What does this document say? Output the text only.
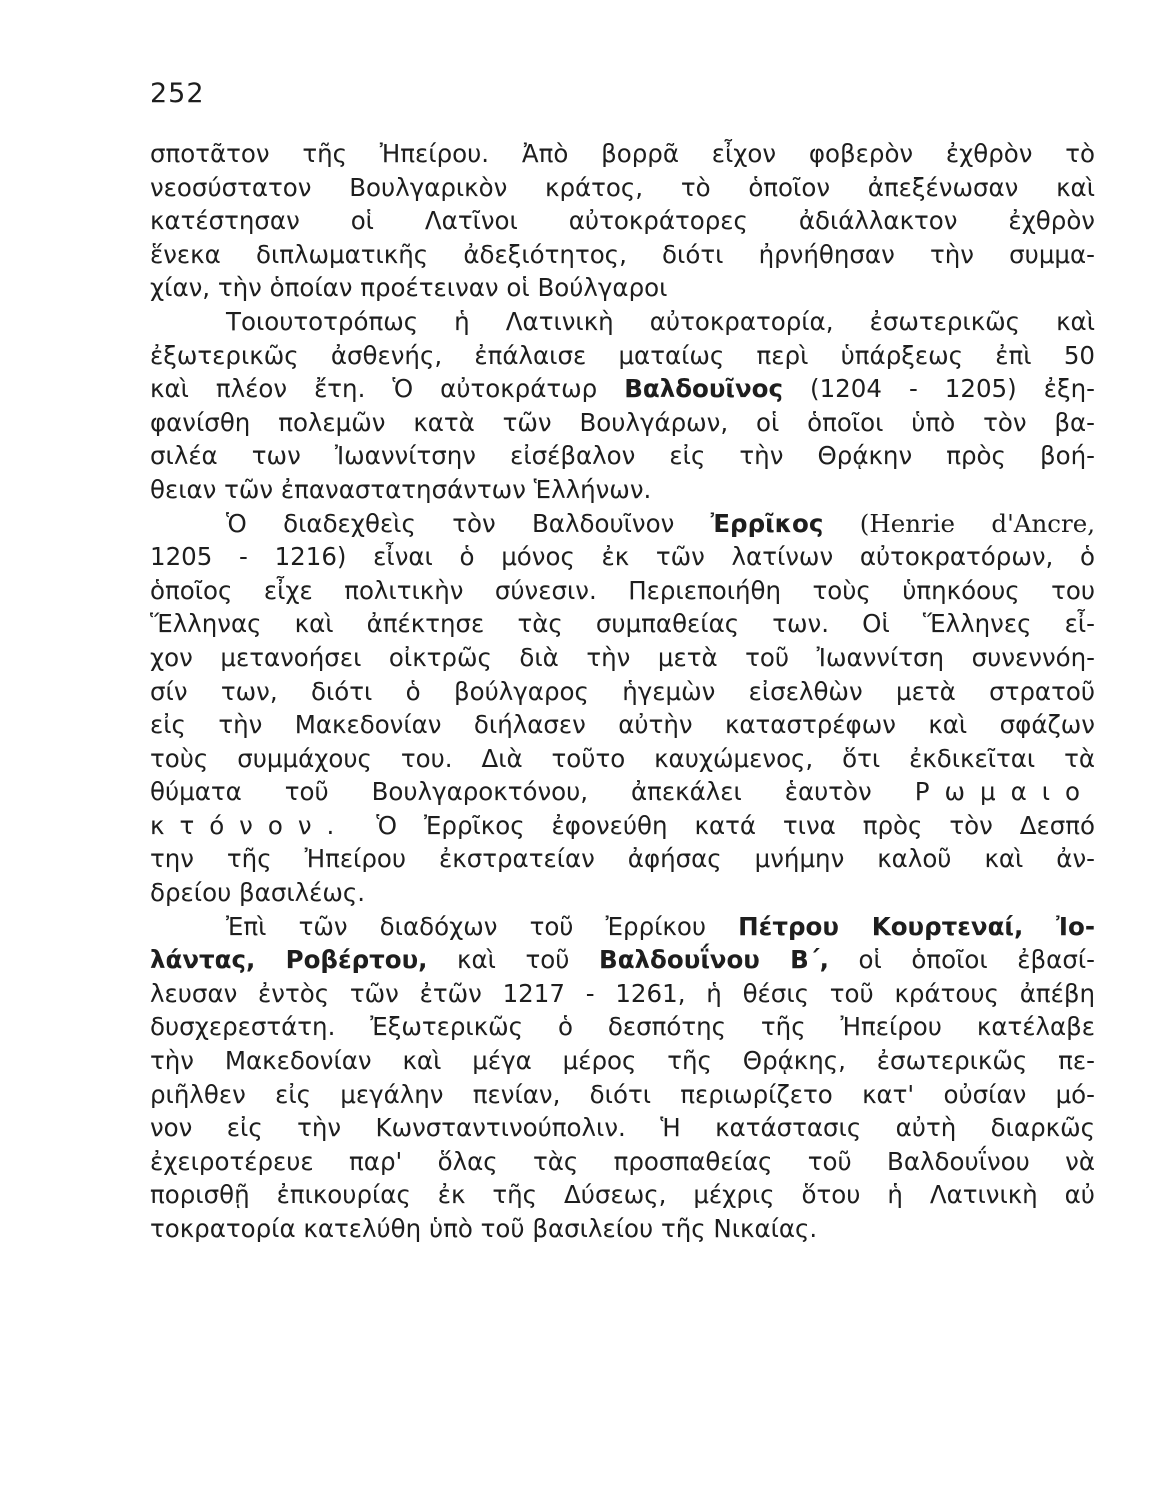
252
σποτᾶτον τῆς Ἠπείρου. Ἀπὸ βορρᾶ εἶχον φοβερὸν ἐχθρὸν τὸ
νεοσύστατον Βουλγαρικὸν κράτος, τὸ ὁποῖον ἀπεξένωσαν καὶ
κατέστησαν οἱ Λατῖνοι αὐτοκράτορες ἀδιάλλακτον ἐχθρὸν
ἕνεκα διπλωματικῆς ἀδεξιότητος, διότι ἠρνήθησαν τὴν συμμα-
χίαν, τὴν ὁποίαν προέτειναν οἱ Βούλγαροι
Τοιουτοτρόπως ἡ Λατινικὴ αὐτοκρατορία, ἐσωτερικῶς καὶ
ἐξωτερικῶς ἀσθενής, ἐπάλαισε ματαίως περὶ ὑπάρξεως ἐπὶ 50
καὶ πλέον ἔτη. Ὁ αὐτοκράτωρ Βαλδουῖνος (1204 - 1205) ἐξη-
φανίσθη πολεμῶν κατὰ τῶν Βουλγάρων, οἱ ὁποῖοι ὑπὸ τὸν βα-
σιλέα των Ἰωαννίτσην εἰσέβαλον εἰς τὴν Θρᾴκην πρὸς βοή-
θειαν τῶν ἐπαναστατησάντων Ἑλλήνων.
Ὁ διαδεχθεὶς τὸν Βαλδουῖνον Ἐρρῖκος (Henrie d'Ancre,
1205 - 1216) εἶναι ὁ μόνος ἐκ τῶν λατίνων αὐτοκρατόρων, ὁ
ὁποῖος εἶχε πολιτικὴν σύνεσιν. Περιεποιήθη τοὺς ὑπηκόους του
Ἕλληνας καὶ ἀπέκτησε τὰς συμπαθείας των. Οἱ Ἕλληνες εἶ-
χον μετανοήσει οἰκτρῶς διὰ τὴν μετὰ τοῦ Ἰωαννίτση συνεννόη-
σίν των, διότι ὁ βούλγαρος ἡγεμὼν εἰσελθὼν μετὰ στρατοῦ
εἰς τὴν Μακεδονίαν διήλασεν αὐτὴν καταστρέφων καὶ σφάζων
τοὺς συμμάχους του. Διὰ τοῦτο καυχώμενος, ὅτι ἐκδικεῖται τὰ
θύματα τοῦ Βουλγαροκτόνου, ἀπεκάλει ἑαυτὸν Ρωμαιο
κτόνον. Ὁ Ἐρρῖκος ἐφονεύθη κατά τινα πρὸς τὸν Δεσπό
την τῆς Ἠπείρου ἐκστρατείαν ἀφήσας μνήμην καλοῦ καὶ ἀν-
δρείου βασιλέως.
Ἐπὶ τῶν διαδόχων τοῦ Ἐρρίκου Πέτρου Κουρτεναί, Ἰο-
λάντας, Ροβέρτου, καὶ τοῦ Βαλδουΐνου Β΄, οἱ ὁποῖοι ἐβασί-
λευσαν ἐντὸς τῶν ἐτῶν 1217 - 1261, ἡ θέσις τοῦ κράτους ἀπέβη
δυσχερεστάτη. Ἐξωτερικῶς ὁ δεσπότης τῆς Ἠπείρου κατέλαβε
τὴν Μακεδονίαν καὶ μέγα μέρος τῆς Θρᾴκης, ἐσωτερικῶς πε-
ριῆλθεν εἰς μεγάλην πενίαν, διότι περιωρίζετο κατ' οὐσίαν μό-
νον εἰς τὴν Κωνσταντινούπολιν. Ἡ κατάστασις αὐτὴ διαρκῶς
ἐχειροτέρευε παρ' ὅλας τὰς προσπαθείας τοῦ Βαλδουΐνου νὰ
πορισθῇ ἐπικουρίας ἐκ τῆς Δύσεως, μέχρις ὅτου ἡ Λατινικὴ αὐ
τοκρατορία κατελύθη ὑπὸ τοῦ βασιλείου τῆς Νικαίας.
